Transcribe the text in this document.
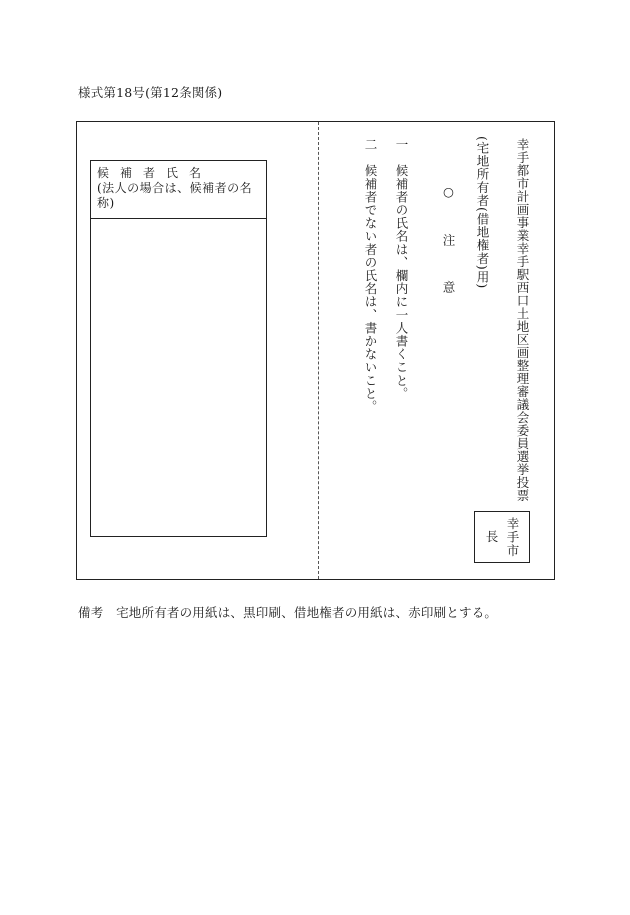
様式第18号(第12条関係)
候補者氏名
(法人の場合は、候補者の名称)	幸手都市計画事業幸手駅西口土地区画整理審議会委員選挙投票
(宅地所有者(借地権者)用)
○　注　意
一　候補者の氏名は、欄内に一人書くこと。
二　候補者でない者の氏名は、書かないこと。
幸手市
長
備考　宅地所有者の用紙は、黒印刷、借地権者の用紙は、赤印刷とする。
